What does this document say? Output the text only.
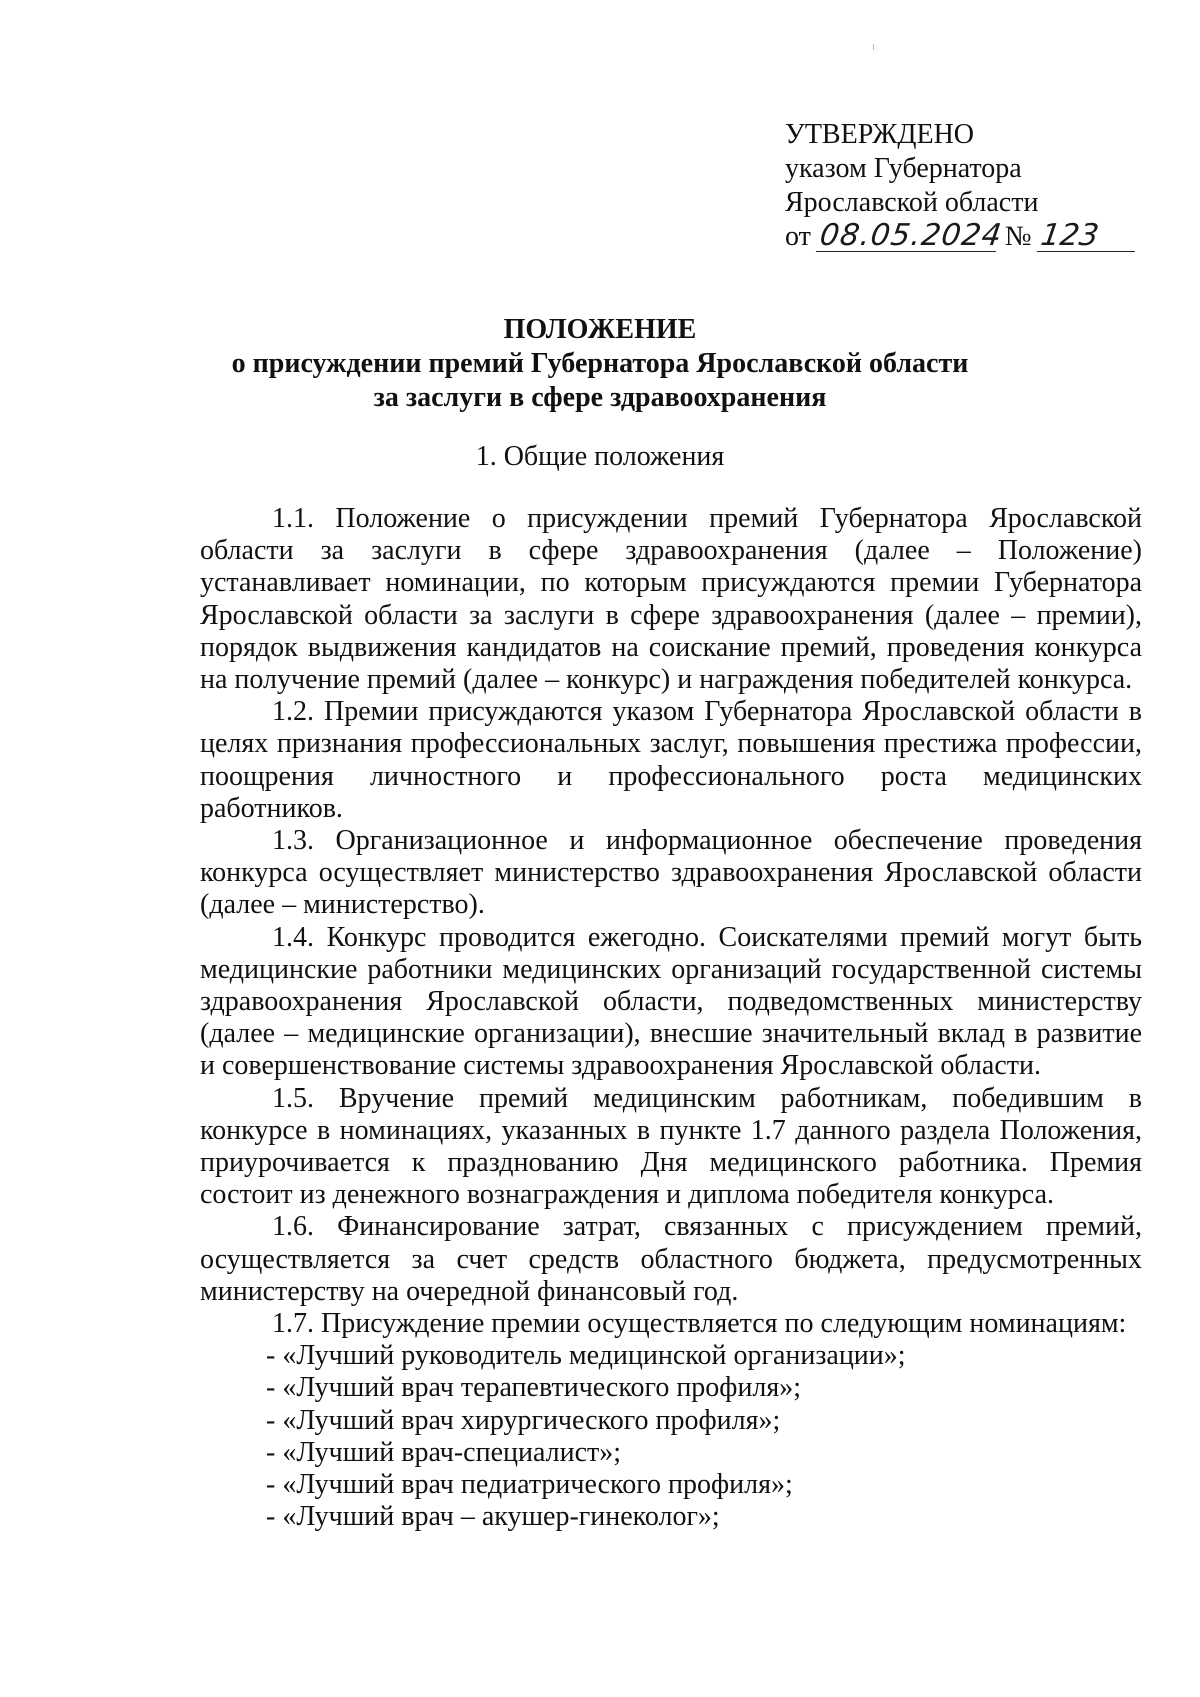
УТВЕРЖДЕНО
указом Губернатора
Ярославской области
от 08.05.2024 № 123
ПОЛОЖЕНИЕ
о присуждении премий Губернатора Ярославской области
за заслуги в сфере здравоохранения
1. Общие положения

1.1. Положение о присуждении премий Губернатора Ярославской области за заслуги в сфере здравоохранения (далее – Положение) устанавливает номинации, по которым присуждаются премии Губернатора Ярославской области за заслуги в сфере здравоохранения (далее – премии), порядок выдвижения кандидатов на соискание премий, проведения конкурса на получение премий (далее – конкурс) и награждения победителей конкурса.

1.2. Премии присуждаются указом Губернатора Ярославской области в целях признания профессиональных заслуг, повышения престижа профессии, поощрения личностного и профессионального роста медицинских работников.

1.3. Организационное и информационное обеспечение проведения конкурса осуществляет министерство здравоохранения Ярославской области (далее – министерство).

1.4. Конкурс проводится ежегодно. Соискателями премий могут быть медицинские работники медицинских организаций государственной системы здравоохранения Ярославской области, подведомственных министерству (далее – медицинские организации), внесшие значительный вклад в развитие и совершенствование системы здравоохранения Ярославской области.

1.5. Вручение премий медицинским работникам, победившим в конкурсе в номинациях, указанных в пункте 1.7 данного раздела Положения, приурочивается к празднованию Дня медицинского работника. Премия состоит из денежного вознаграждения и диплома победителя конкурса.

1.6. Финансирование затрат, связанных с присуждением премий, осуществляется за счет средств областного бюджета, предусмотренных министерству на очередной финансовый год.

1.7. Присуждение премии осуществляется по следующим номинациям:

- «Лучший руководитель медицинской организации»;

- «Лучший врач терапевтического профиля»;

- «Лучший врач хирургического профиля»;

- «Лучший врач-специалист»;

- «Лучший врач педиатрического профиля»;

- «Лучший врач – акушер-гинеколог»;
